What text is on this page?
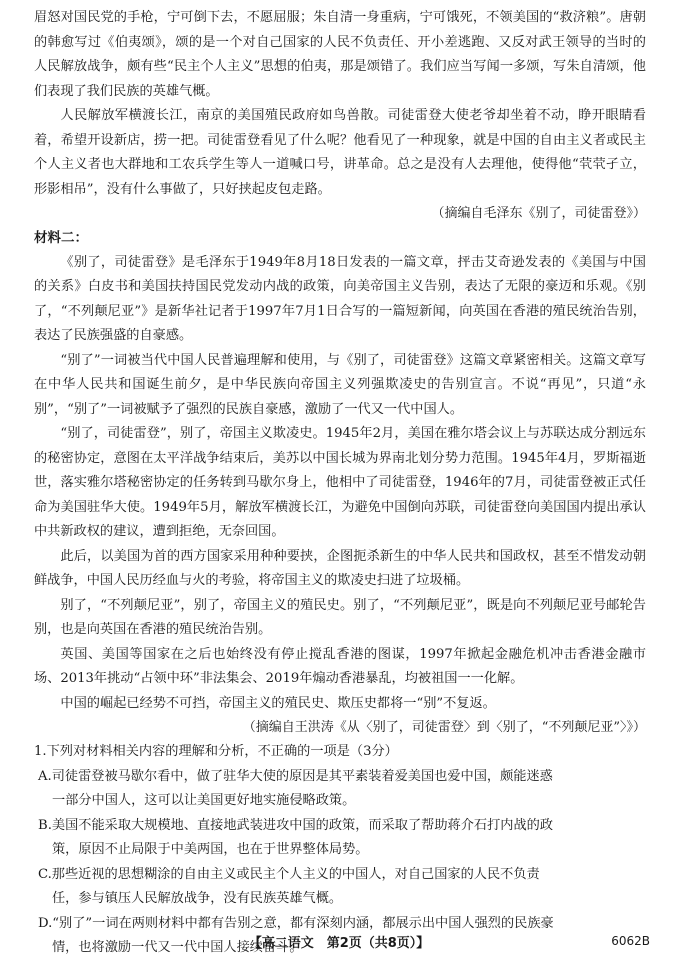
眉怒对国民党的手枪，宁可倒下去，不愿屈服；朱自清一身重病，宁可饿死，不领美国的“救济粮”。唐朝的韩愈写过《伯夷颂》，颂的是一个对自己国家的人民不负责任、开小差逃跑、又反对武王领导的当时的人民解放战争，颇有些“民主个人主义”思想的伯夷，那是颂错了。我们应当写闻一多颂，写朱自清颂，他们表现了我们民族的英雄气概。

人民解放军横渡长江，南京的美国殖民政府如鸟兽散。司徒雷登大使老爷却坐着不动，睁开眼睛看着，希望开设新店，捞一把。司徒雷登看见了什么呢？他看见了一种现象，就是中国的自由主义者或民主个人主义者也大群地和工农兵学生等人一道喊口号，讲革命。总之是没有人去理他，使得他“茕茕孑立，形影相吊”，没有什么事做了，只好挟起皮包走路。

（摘编自毛泽东《别了，司徒雷登》）

材料二：

《别了，司徒雷登》是毛泽东于1949年8月18日发表的一篇文章，抨击艾奇逊发表的《美国与中国的关系》白皮书和美国扶持国民党发动内战的政策，向美帝国主义告别，表达了无限的豪迈和乐观。《别了，“不列颠尼亚”》是新华社记者于1997年7月1日合写的一篇短新闻，向英国在香港的殖民统治告别，表达了民族强盛的自豪感。

“别了”一词被当代中国人民普遍理解和使用，与《别了，司徒雷登》这篇文章紧密相关。这篇文章写在中华人民共和国诞生前夕，是中华民族向帝国主义列强欺凌史的告别宣言。不说“再见”，只道“永别”，“别了”一词被赋予了强烈的民族自豪感，激励了一代又一代中国人。

“别了，司徒雷登”，别了，帝国主义欺凌史。1945年2月，美国在雅尔塔会议上与苏联达成分割远东的秘密协定，意图在太平洋战争结束后，美苏以中国长城为界南北划分势力范围。1945年4月，罗斯福逝世，落实雅尔塔秘密协定的任务转到马歇尔身上，他相中了司徒雷登，1946年的7月，司徒雷登被正式任命为美国驻华大使。1949年5月，解放军横渡长江，为避免中国倒向苏联，司徒雷登向美国国内提出承认中共新政权的建议，遭到拒绝，无奈回国。

此后，以美国为首的西方国家采用种种要挟，企图扼杀新生的中华人民共和国政权，甚至不惜发动朝鲜战争，中国人民历经血与火的考验，将帝国主义的欺凌史扫进了垃圾桶。

别了，“不列颠尼亚”，别了，帝国主义的殖民史。别了，“不列颠尼亚”，既是向不列颠尼亚号邮轮告别，也是向英国在香港的殖民统治告别。

英国、美国等国家在之后也始终没有停止搅乱香港的图谋，1997年掀起金融危机冲击香港金融市场、2013年挑动“占领中环”非法集会、2019年煽动香港暴乱，均被祖国一一化解。

中国的崛起已经势不可挡，帝国主义的殖民史、欺压史都将一“别”不复返。

（摘编自王洪涛《从〈别了，司徒雷登〉到〈别了，“不列颠尼亚”〉》）

1.下列对材料相关内容的理解和分析，不正确的一项是（3分）

A.司徒雷登被马歇尔看中，做了驻华大使的原因是其平素装着爱美国也爱中国，颇能迷惑

一部分中国人，这可以让美国更好地实施侵略政策。

B.美国不能采取大规模地、直接地武装进攻中国的政策，而采取了帮助蒋介石打内战的政

策，原因不止局限于中美两国，也在于世界整体局势。

C.那些近视的思想糊涂的自由主义或民主个人主义的中国人，对自己国家的人民不负责

任，参与镇压人民解放战争，没有民族英雄气概。

D.“别了”一词在两则材料中都有告别之意，都有深刻内涵，都展示出中国人强烈的民族豪

情，也将激励一代又一代中国人接续奋斗。

【高二语文　第2页（共8页）】	6062B
